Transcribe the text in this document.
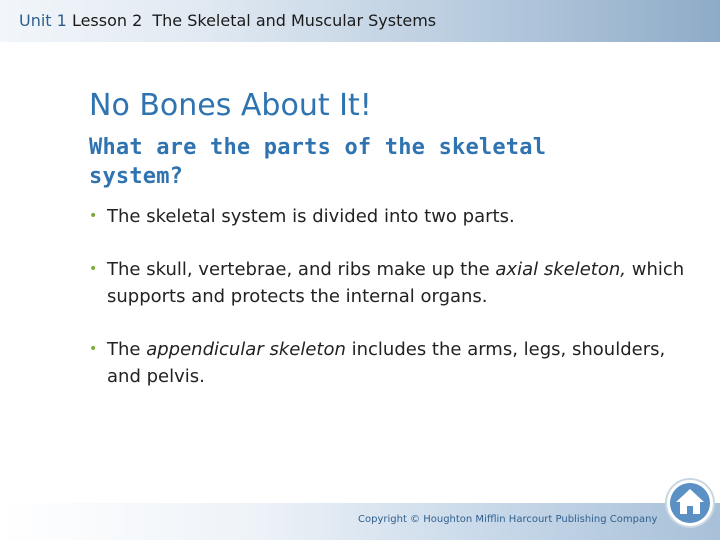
Unit 1 Lesson 2 The Skeletal and Muscular Systems
No Bones About It!
What are the parts of the skeletal system?
• The skeletal system is divided into two parts.
• The skull, vertebrae, and ribs make up the axial skeleton, which supports and protects the internal organs.
• The appendicular skeleton includes the arms, legs, shoulders, and pelvis.
Copyright © Houghton Mifflin Harcourt Publishing Company
